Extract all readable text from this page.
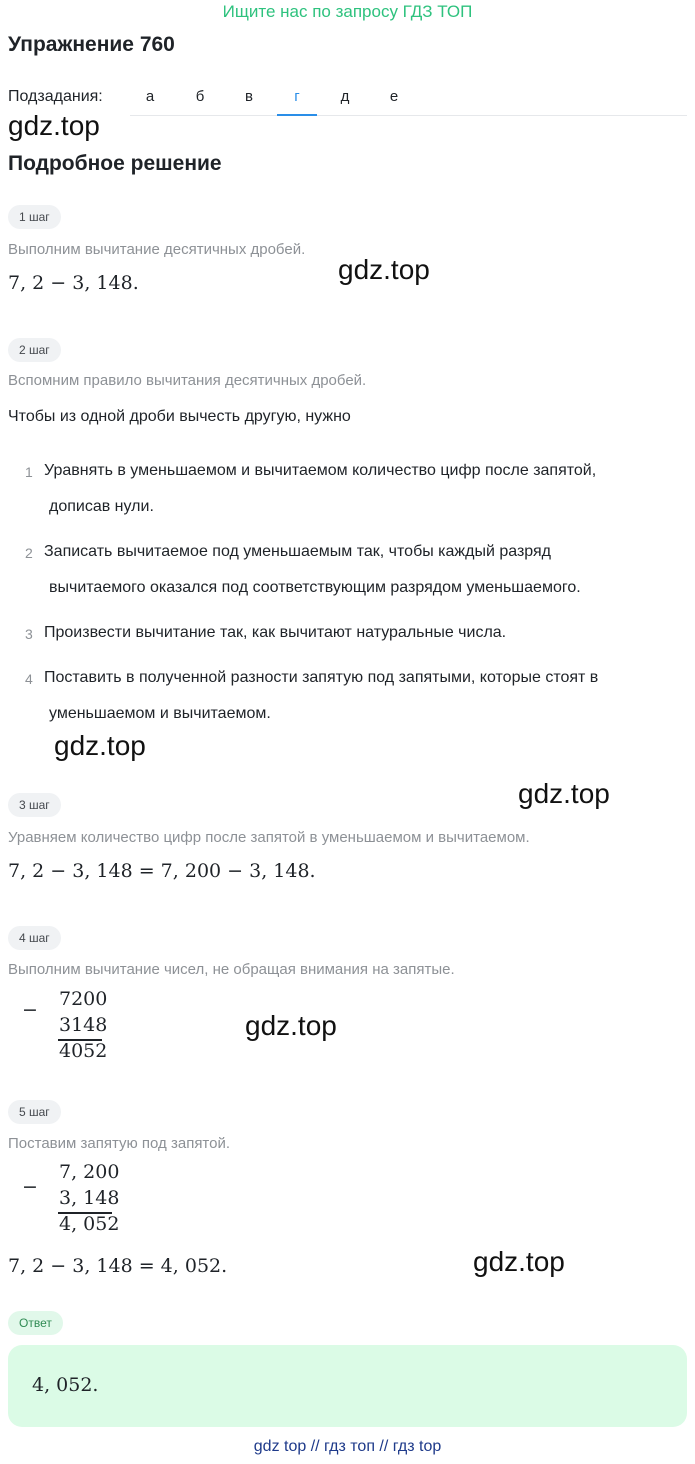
Ищите нас по запросу ГДЗ ТОП
Упражнение 760
Подзадания:	а	б	в	г	д	е
gdz.top
Подробное решение
1 шаг
Выполним вычитание десятичных дробей.
7, 2 − 3, 148.	gdz.top
2 шаг
Вспомним правило вычитания десятичных дробей.
Чтобы из одной дроби вычесть другую, нужно
1 Уравнять в уменьшаемом и вычитаемом количество цифр после запятой,
дописав нули.
2 Записать вычитаемое под уменьшаемым так, чтобы каждый разряд
вычитаемого оказался под соответствующим разрядом уменьшаемого.
3 Произвести вычитание так, как вычитают натуральные числа.
4 Поставить в полученной разности запятую под запятыми, которые стоят в
уменьшаемом и вычитаемом.
gdz.top
gdz.top
3 шаг
Уравняем количество цифр после запятой в уменьшаемом и вычитаемом.
7, 2 − 3, 148 = 7, 200 − 3, 148.
4 шаг
Выполним вычитание чисел, не обращая внимания на запятые.
− 7200
3148
4052
gdz.top
5 шаг
Поставим запятую под запятой.
−
7, 200
3, 148
4, 052
7, 2 − 3, 148 = 4, 052.	gdz.top
Ответ
4, 052.
gdz top // гдз топ // гдз top
